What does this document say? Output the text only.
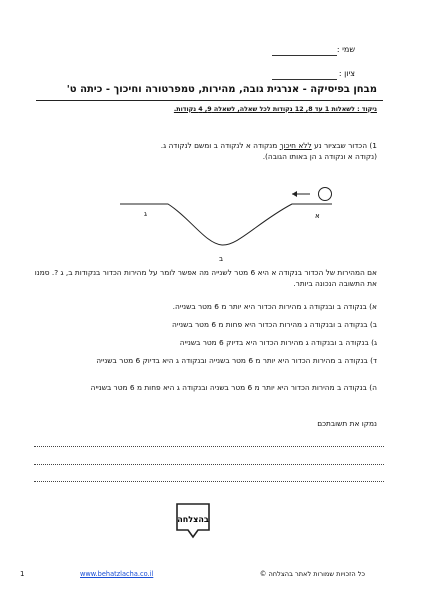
שמי :
ציון :
מבחן בפיסיקה - אנרגית גובה, מהירות, טמפרטורה וחיכוך - כיתה ט'
ניקוד : לשאלות 1 עד 8, 12 נקודות לכל שאלה, לשאלה 9, 4 נקודות.
1) הכדור שבציור נע ללא חיכוך מנקודה א לנקודה ב ומשם לנקודה ג.
(נקודה א ונקודה ג הן באותו הגובה).
א
ג
ב
אם המהירות של הכדור בנקודה א היא 6 מטר לשנייה מה אפשר לומר על מהירות הכדור בנקודות ב, ג ?. סמנו את התשובה הנכונה ביותר.
א) בנקודה ב ובנקודה ג מהירות הכדור היא יותר מ 6 מטר בשנייה.
ב) בנקודה ב ובנקודה ג מהירות הכדור היא פחות מ 6 מטר בשנייה
ג) בנקודה ב ובנקודה ג מהירות הכדור היא בדיוק 6 מטר בשנייה
ד) בנקודה ב מהירות הכדור היא יותר מ 6 מטר בשנייה ובנקודה ג היא בדיוק 6 מטר בשנייה
ה) בנקודה ב מהירות הכדור היא יותר מ 6 מטר בשניה ובנקודה ג היא פחות מ 6 מטר בשנייה
נמקו את תשובתכם
בהצלחה
1	www.behatzlacha.co.il	כל הזכויות שמורות לאתר בהצלחה ©
